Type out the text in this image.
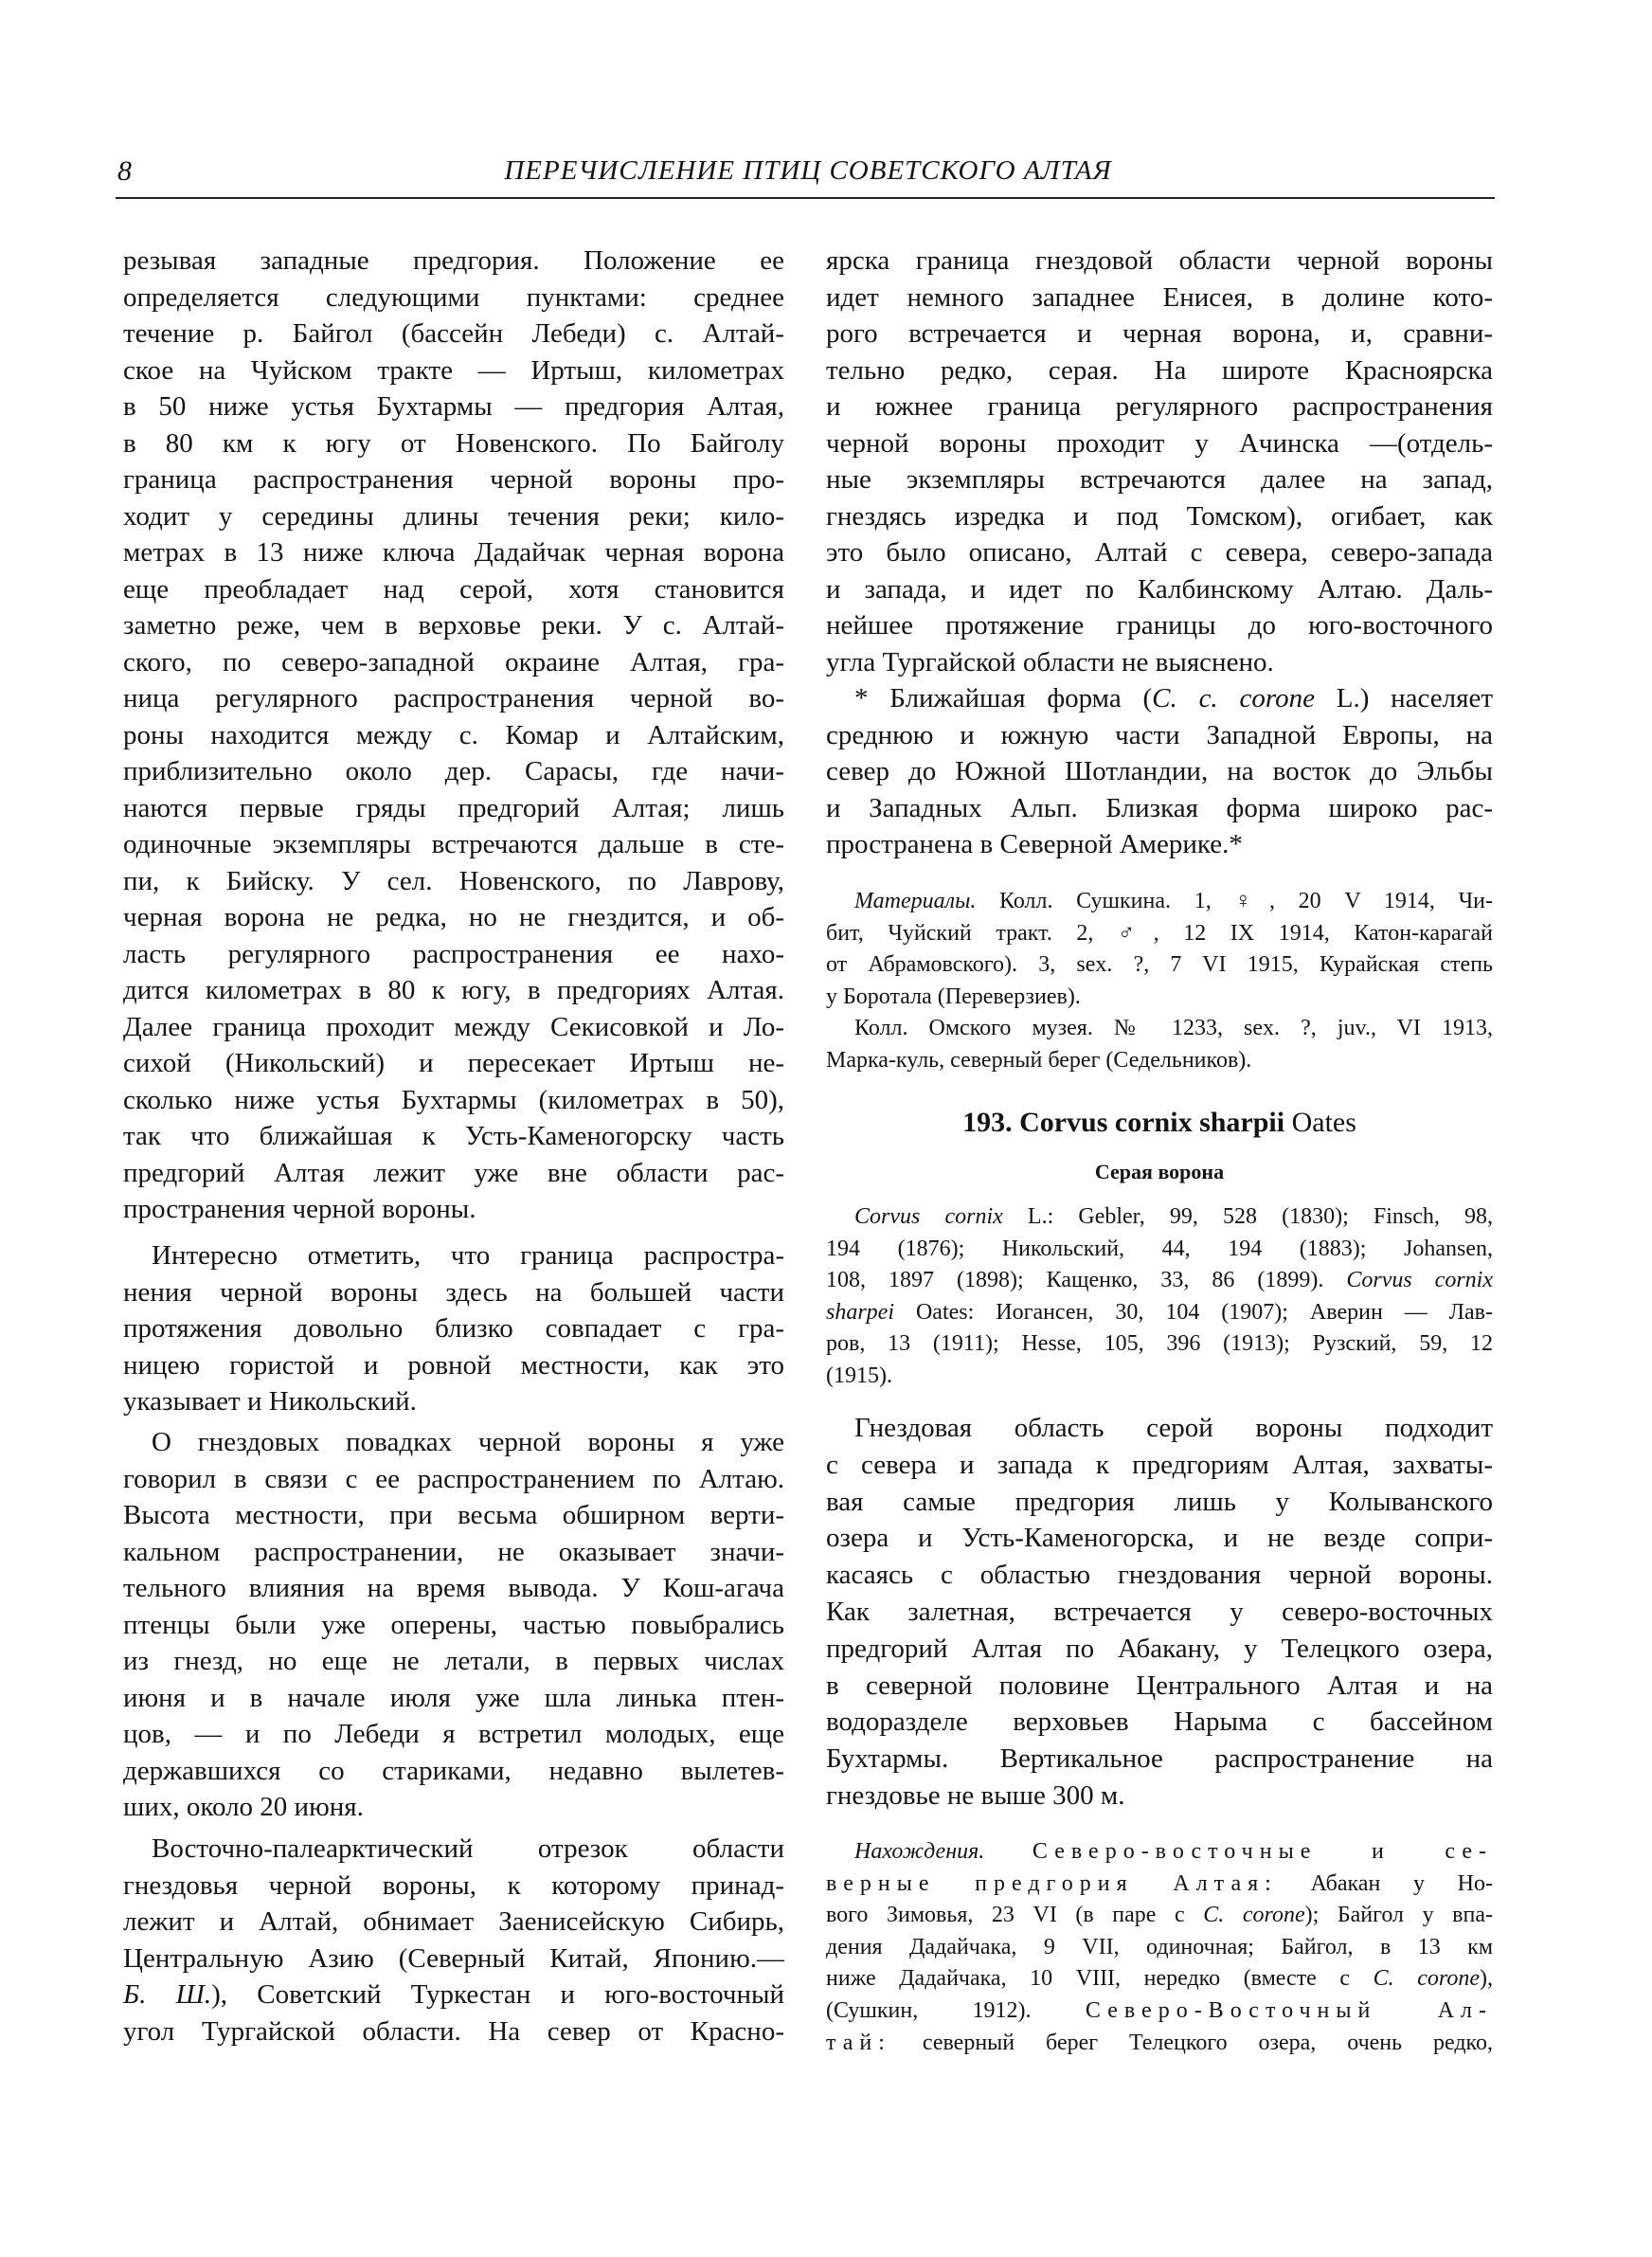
8	ПЕРЕЧИСЛЕНИЕ ПТИЦ СОВЕТСКОГО АЛТАЯ
резывая западные предгория. Положение ее
определяется следующими пунктами: среднее
течение р. Байгол (бассейн Лебеди) с. Алтай-
ское на Чуйском тракте — Иртыш, километрах
в 50 ниже устья Бухтармы — предгория Алтая,
в 80 км к югу от Новенского. По Байголу
граница распространения черной вороны про-
ходит у середины длины течения реки; кило-
метрах в 13 ниже ключа Дадайчак черная ворона
еще преобладает над серой, хотя становится
заметно реже, чем в верховье реки. У с. Алтай-
ского, по северо-западной окраине Алтая, гра-
ница регулярного распространения черной во-
роны находится между с. Комар и Алтайским,
приблизительно около дер. Сарасы, где начи-
наются первые гряды предгорий Алтая; лишь
одиночные экземпляры встречаются дальше в сте-
пи, к Бийску. У сел. Новенского, по Лаврову,
черная ворона не редка, но не гнездится, и об-
ласть регулярного распространения ее нахо-
дится километрах в 80 к югу, в предгориях Алтая.
Далее граница проходит между Секисовкой и Ло-
сихой (Никольский) и пересекает Иртыш не-
сколько ниже устья Бухтармы (километрах в 50),
так что ближайшая к Усть-Каменогорску часть
предгорий Алтая лежит уже вне области рас-
пространения черной вороны.
Интересно отметить, что граница распростра-
нения черной вороны здесь на большей части
протяжения довольно близко совпадает с гра-
ницею гористой и ровной местности, как это
указывает и Никольский.
О гнездовых повадках черной вороны я уже
говорил в связи с ее распространением по Алтаю.
Высота местности, при весьма обширном верти-
кальном распространении, не оказывает значи-
тельного влияния на время вывода. У Кош-агача
птенцы были уже оперены, частью повыбрались
из гнезд, но еще не летали, в первых числах
июня и в начале июля уже шла линька птен-
цов, — и по Лебеди я встретил молодых, еще
державшихся со стариками, недавно вылетев-
ших, около 20 июня.
Восточно-палеарктический отрезок области
гнездовья черной вороны, к которому принад-
лежит и Алтай, обнимает Заенисейскую Сибирь,
Центральную Азию (Северный Китай, Японию.—
Б. Ш.), Советский Туркестан и юго-восточный
угол Тургайской области. На север от Красно-
ярска граница гнездовой области черной вороны
идет немного западнее Енисея, в долине кото-
рого встречается и черная ворона, и, сравни-
тельно редко, серая. На широте Красноярска
и южнее граница регулярного распространения
черной вороны проходит у Ачинска —(отдель-
ные экземпляры встречаются далее на запад,
гнездясь изредка и под Томском), огибает, как
это было описано, Алтай с севера, северо-запада
и запада, и идет по Калбинскому Алтаю. Даль-
нейшее протяжение границы до юго-восточного
угла Тургайской области не выяснено.
* Ближайшая форма (C. c. corone L.) населяет
среднюю и южную части Западной Европы, на
север до Южной Шотландии, на восток до Эльбы
и Западных Альп. Близкая форма широко рас-
пространена в Северной Америке.*
Материалы. Колл. Сушкина. 1, ♀, 20 V 1914, Чи-
бит, Чуйский тракт. 2, ♂, 12 IX 1914, Катон-карагай
от Абрамовского). 3, sex. ?, 7 VI 1915, Курайская степь
у Боротала (Переверзиев).
Колл. Омского музея. № 1233, sex. ?, juv., VI 1913,
Марка-куль, северный берег (Седельников).
193. Corvus cornix sharpii Oates
Серая ворона
Corvus cornix L.: Gebler, 99, 528 (1830); Finsch, 98,
194 (1876); Никольский, 44, 194 (1883); Johansen,
108, 1897 (1898); Кащенко, 33, 86 (1899). Corvus cornix
sharpei Oates: Иогансен, 30, 104 (1907); Аверин — Лав-
ров, 13 (1911); Hesse, 105, 396 (1913); Рузский, 59, 12
(1915).
Гнездовая область серой вороны подходит
с севера и запада к предгориям Алтая, захваты-
вая самые предгория лишь у Колыванского
озера и Усть-Каменогорска, и не везде сопри-
касаясь с областью гнездования черной вороны.
Как залетная, встречается у северо-восточных
предгорий Алтая по Абакану, у Телецкого озера,
в северной половине Центрального Алтая и на
водоразделе верховьев Нарыма с бассейном
Бухтармы. Вертикальное распространение на
гнездовье не выше 300 м.
Нахождения. Северо-восточные и се-
верные предгория Алтая: Абакан у Но-
вого Зимовья, 23 VI (в паре с C. corone); Байгол у впа-
дения Дадайчака, 9 VII, одиночная; Байгол, в 13 км
ниже Дадайчака, 10 VIII, нередко (вместе с C. corone),
(Сушкин, 1912). Северо-Восточный Ал-
тай: северный берег Телецкого озера, очень редко,
